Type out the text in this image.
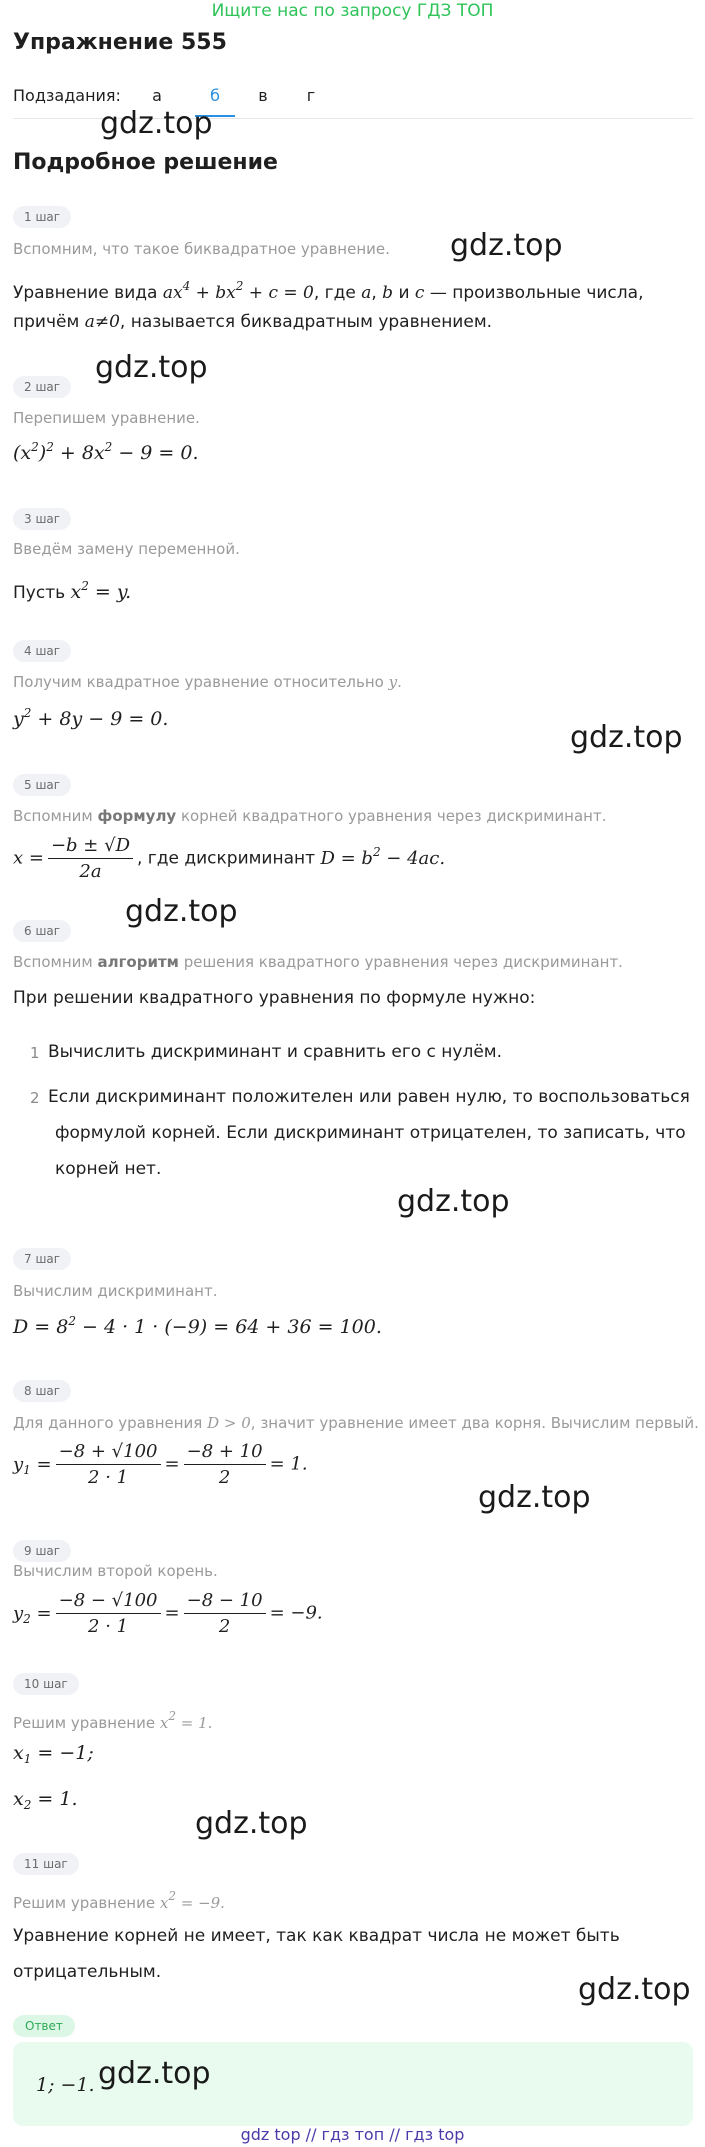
Ищите нас по запросу ГДЗ ТОП
Упражнение 555
Подзадания:	а	б	в	г
gdz.top
Подробное решение
1 шаг
Вспомним, что такое биквадратное уравнение. gdz.top
Уравнение вида $ax^4 + bx^2 + c = 0$, где a, b и c — произвольные числа,
причём a≠0, называется биквадратным уравнением.
gdz.top
2 шаг
Перепишем уравнение.
$(x^2)^2 + 8x^2 - 9 = 0$.
3 шаг
Введём замену переменной.
Пусть $x^2 = y$.
4 шаг
Получим квадратное уравнение относительно y.
$y^2 + 8y - 9 = 0$.
gdz.top
5 шаг
Вспомним формулу корней квадратного уравнения через дискриминант.
$x = \frac{-b \pm √D}{2a}$ , где дискриминант $D = b^2 - 4ac$.
gdz.top
6 шаг
Вспомним алгоритм решения квадратного уравнения через дискриминант.
При решении квадратного уравнения по формуле нужно:
1 Вычислить дискриминант и сравнить его с нулём.
2 Если дискриминант положителен или равен нулю, то воспользоваться
формулой корней. Если дискриминант отрицателен, то записать, что
корней нет.
gdz.top
7 шаг
Вычислим дискриминант.
$D = 8^2 - 4 \cdot 1 \cdot (-9) = 64 + 36 = 100$.
8 шаг
Для данного уравнения D > 0, значит уравнение имеет два корня. Вычислим первый.
$y_1 = \frac{-8 + √100}{2 \cdot 1} = \frac{-8 + 10}{2} = 1$.
gdz.top
9 шаг
Вычислим второй корень.
$y_2 = \frac{-8 - √100}{2 \cdot 1} = \frac{-8 - 10}{2} = -9$.
10 шаг
Решим уравнение $x^2 = 1$.
$x_1 = -1$;
$x_2 = 1$.
gdz.top
11 шаг
Решим уравнение $x^2 = -9$.
Уравнение корней не имеет, так как квадрат числа не может быть
отрицательным.	gdz.top
Ответ
1; −1. gdz.top
gdz top // гдз топ // гдз top
